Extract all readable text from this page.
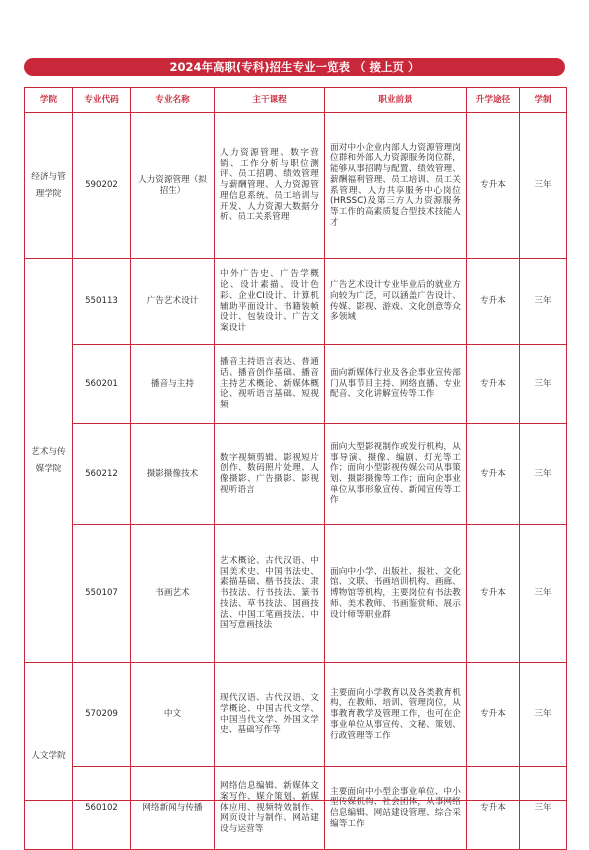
2024年高职(专科)招生专业一览表 （ 接上页 ）
学院	专业代码	专业名称	主干课程	职业前景	升学途径	学制
经济与管理学院	590202	人力资源管理（拟招生）	人力资源管理、数字营销、工作分析与职位测评、员工招聘、绩效管理与薪酬管理、人力资源管理信息系统、员工培训与开发、人力资源大数据分析、员工关系管理	面对中小企业内部人力资源管理岗位群和外部人力资源服务岗位群，能够从事招聘与配置、绩效管理、薪酬福利管理、员工培训、员工关系管理、人力共享服务中心岗位(HRSSC)及第三方人力资源服务等工作的高素质复合型技术技能人才	专升本	三年
艺术与传媒学院	550113	广告艺术设计	中外广告史、广告学概论、设计素描、设计色彩、企业CI设计、计算机辅助平面设计、书籍装帧设计、包装设计、广告文案设计	广告艺术设计专业毕业后的就业方向较为广泛，可以涵盖广告设计、传媒、影视、游戏、文化创意等众多领域	专升本	三年
	560201	播音与主持	播音主持语言表达、普通话、播音创作基础、播音主持艺术概论、新媒体概论、视听语言基础、短视频	面向新媒体行业及各企事业宣传部门从事节目主持、网络直播、专业配音、文化讲解宣传等工作	专升本	三年
	560212	摄影摄像技术	数字视频剪辑、影视短片创作、数码照片处理、人像摄影、广告摄影、影视视听语言	面向大型影视制作或发行机构，从事导演、摄像、编剧、灯光等工作；面向小型影视传媒公司从事策划、摄影摄像等工作；面向企事业单位从事形象宣传、新闻宣传等工作	专升本	三年
	550107	书画艺术	艺术概论、古代汉语、中国美术史、中国书法史、素描基础、楷书技法、隶书技法、行书技法、篆书技法、草书技法、国画技法、中国工笔画技法、中国写意画技法	面向中小学、出版社、报社、文化馆、文联、书画培训机构、画廊、博物馆等机构，主要岗位有书法教师、美术教师、书画鉴赏师、展示设计师等职业群	专升本	三年
人文学院	570209	中文	现代汉语、古代汉语、文学概论、中国古代文学、中国当代文学、外国文学史、基础写作等	主要面向小学教育以及各类教育机构，在教师、培训、管理岗位，从事教育教学及管理工作，也可在企事业单位从事宣传、文秘、策划、行政管理等工作	专升本	三年
	560102	网络新闻与传播	网络信息编辑、新媒体文案写作、媒介策划、新媒体应用、视频特效制作、网页设计与制作、网站建设与运营等	主要面向中小型企事业单位、中小型传媒机构、社会团体，从事网络信息编辑、网站建设管理、综合采编等工作	专升本	三年
